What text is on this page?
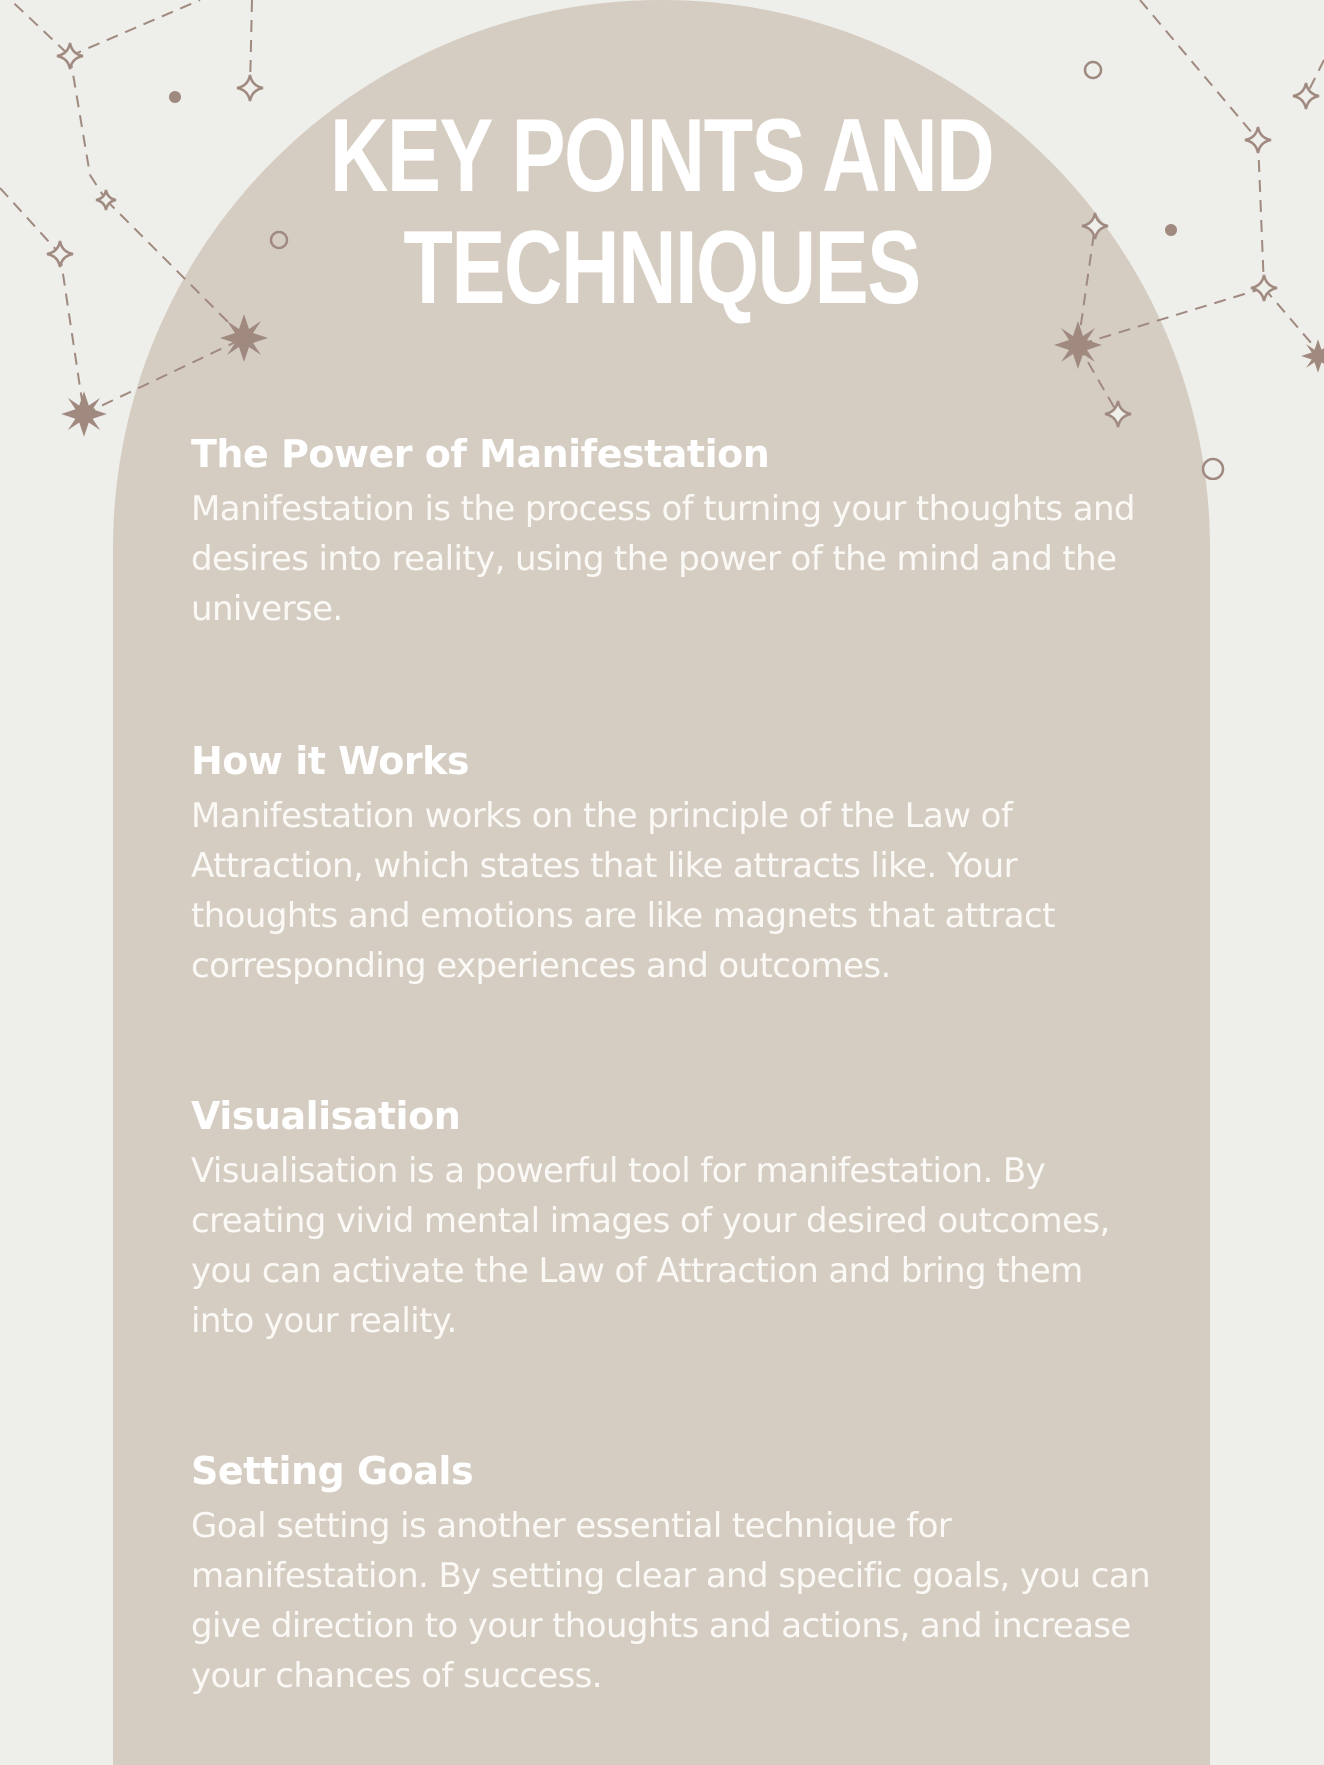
KEY POINTS AND
TECHNIQUES
The Power of Manifestation

Manifestation is the process of turning your thoughts and desires into reality, using the power of the mind and the universe.

How it Works

Manifestation works on the principle of the Law of Attraction, which states that like attracts like. Your thoughts and emotions are like magnets that attract corresponding experiences and outcomes.

Visualisation

Visualisation is a powerful tool for manifestation. By creating vivid mental images of your desired outcomes, you can activate the Law of Attraction and bring them into your reality.

Setting Goals

Goal setting is another essential technique for manifestation. By setting clear and specific goals, you can give direction to your thoughts and actions, and increase your chances of success.
